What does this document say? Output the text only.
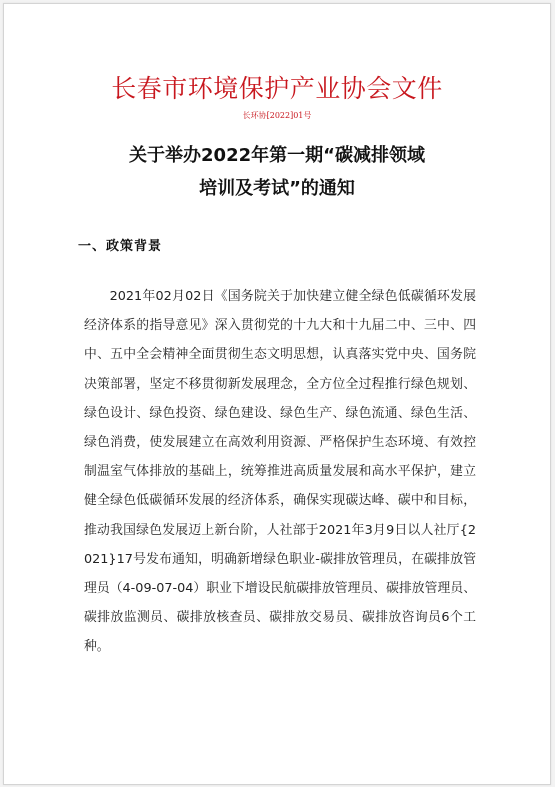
长春市环境保护产业协会文件
长环协[2022]01号
关于举办2022年第一期“碳减排领域
培训及考试”的通知
一、政策背景

2021年02月02日《国务院关于加快建立健全绿色低碳循环发展经济体系的指导意见》深入贯彻党的十九大和十九届二中、三中、四中、五中全会精神全面贯彻生态文明思想，认真落实党中央、国务院决策部署，坚定不移贯彻新发展理念，全方位全过程推行绿色规划、绿色设计、绿色投资、绿色建设、绿色生产、绿色流通、绿色生活、绿色消费，使发展建立在高效利用资源、严格保护生态环境、有效控制温室气体排放的基础上，统筹推进高质量发展和高水平保护，建立健全绿色低碳循环发展的经济体系，确保实现碳达峰、碳中和目标，推动我国绿色发展迈上新台阶，人社部于2021年3月9日以人社厅{2021}17号发布通知，明确新增绿色职业-碳排放管理员，在碳排放管理员（4-09-07-04）职业下增设民航碳排放管理员、碳排放管理员、碳排放监测员、碳排放核查员、碳排放交易员、碳排放咨询员6个工种。
